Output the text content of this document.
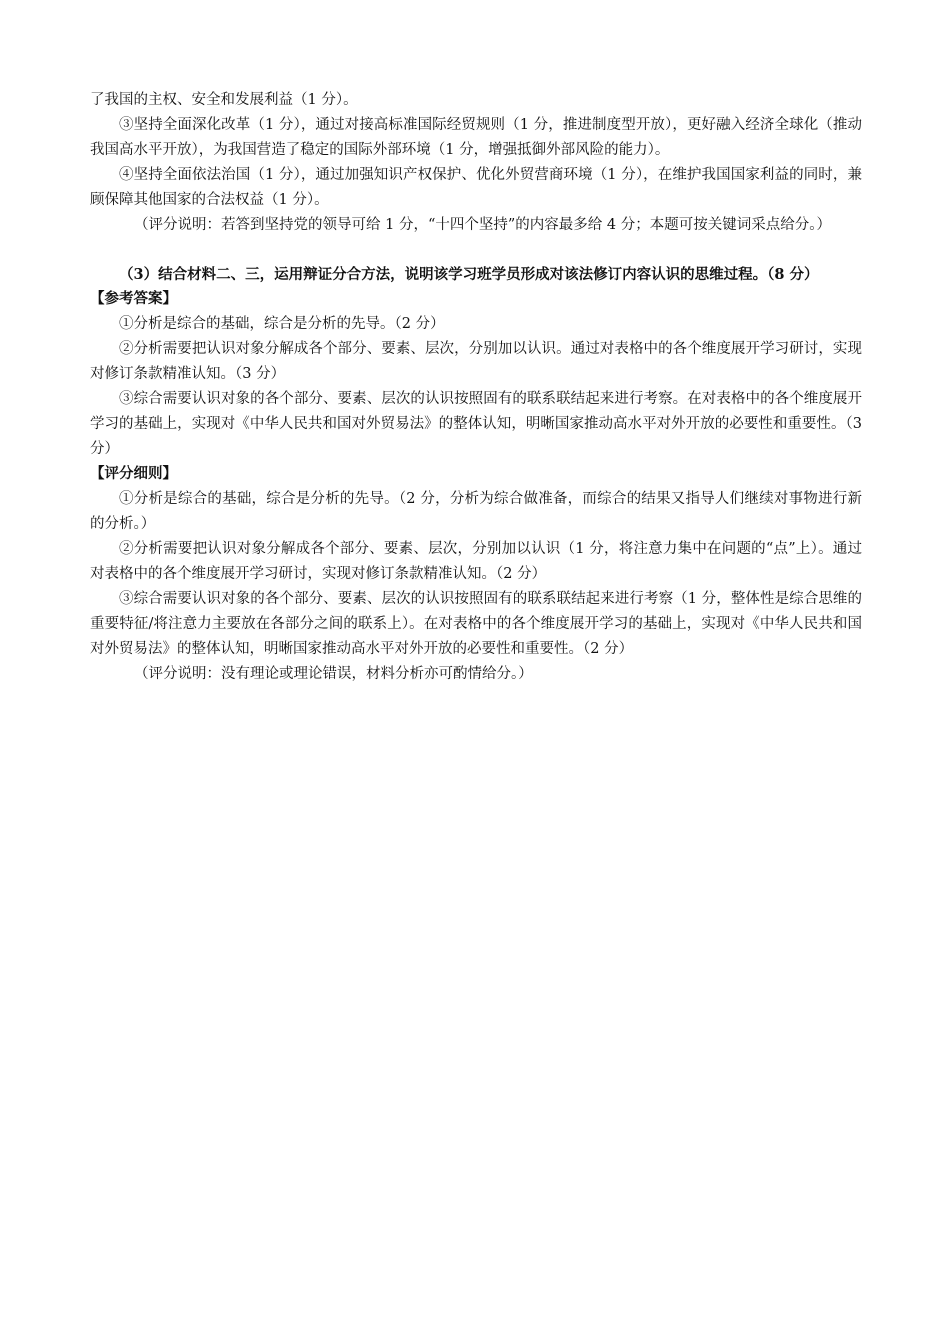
了我国的主权、安全和发展利益（1 分）。

③坚持全面深化改革（1 分），通过对接高标准国际经贸规则（1 分，推进制度型开放），更好融入经济全球化（推动我国高水平开放），为我国营造了稳定的国际外部环境（1 分，增强抵御外部风险的能力）。

④坚持全面依法治国（1 分），通过加强知识产权保护、优化外贸营商环境（1 分），在维护我国国家利益的同时，兼顾保障其他国家的合法权益（1 分）。

（评分说明：若答到坚持党的领导可给 1 分，“十四个坚持”的内容最多给 4 分；本题可按关键词采点给分。）

（3）结合材料二、三，运用辩证分合方法，说明该学习班学员形成对该法修订内容认识的思维过程。（8 分）

【参考答案】

①分析是综合的基础，综合是分析的先导。（2 分）

②分析需要把认识对象分解成各个部分、要素、层次，分别加以认识。通过对表格中的各个维度展开学习研讨，实现对修订条款精准认知。（3 分）

③综合需要认识对象的各个部分、要素、层次的认识按照固有的联系联结起来进行考察。在对表格中的各个维度展开学习的基础上，实现对《中华人民共和国对外贸易法》的整体认知，明晰国家推动高水平对外开放的必要性和重要性。（3 分）

【评分细则】

①分析是综合的基础，综合是分析的先导。（2 分，分析为综合做准备，而综合的结果又指导人们继续对事物进行新的分析。）

②分析需要把认识对象分解成各个部分、要素、层次，分别加以认识（1 分，将注意力集中在问题的“点”上）。通过对表格中的各个维度展开学习研讨，实现对修订条款精准认知。（2 分）

③综合需要认识对象的各个部分、要素、层次的认识按照固有的联系联结起来进行考察（1 分，整体性是综合思维的重要特征/将注意力主要放在各部分之间的联系上）。在对表格中的各个维度展开学习的基础上，实现对《中华人民共和国对外贸易法》的整体认知，明晰国家推动高水平对外开放的必要性和重要性。（2 分）

（评分说明：没有理论或理论错误，材料分析亦可酌情给分。）
